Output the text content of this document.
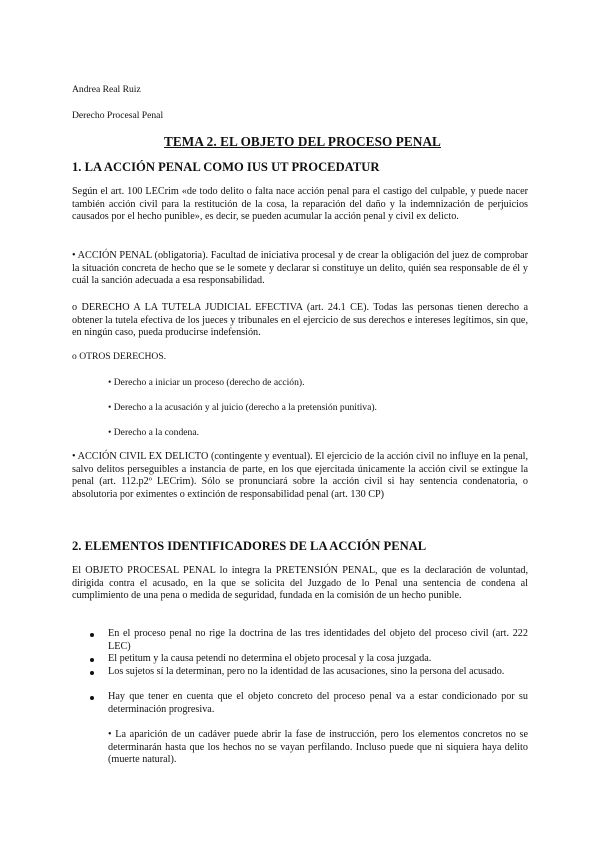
Andrea Real Ruiz

Derecho Procesal Penal

TEMA 2. EL OBJETO DEL PROCESO PENAL

1. LA ACCIÓN PENAL COMO IUS UT PROCEDATUR

Según el art. 100 LECrim «de todo delito o falta nace acción penal para el castigo del culpable, y puede nacer también acción civil para la restitución de la cosa, la reparación del daño y la indemnización de perjuicios causados por el hecho punible», es decir, se pueden acumular la acción penal y civil ex delicto.

• ACCIÓN PENAL (obligatoria). Facultad de iniciativa procesal y de crear la obligación del juez de comprobar la situación concreta de hecho que se le somete y declarar si constituye un delito, quién sea responsable de él y cuál la sanción adecuada a esa responsabilidad.

o DERECHO A LA TUTELA JUDICIAL EFECTIVA (art. 24.1 CE). Todas las personas tienen derecho a obtener la tutela efectiva de los jueces y tribunales en el ejercicio de sus derechos e intereses legítimos, sin que, en ningún caso, pueda producirse indefensión.

o OTROS DERECHOS.

• Derecho a iniciar un proceso (derecho de acción).

• Derecho a la acusación y al juicio (derecho a la pretensión punitiva).

• Derecho a la condena.

• ACCIÓN CIVIL EX DELICTO (contingente y eventual). El ejercicio de la acción civil no influye en la penal, salvo delitos perseguibles a instancia de parte, en los que ejercitada únicamente la acción civil se extingue la penal (art. 112.p2º LECrim). Sólo se pronunciará sobre la acción civil si hay sentencia condenatoria, o absolutoria por eximentes o extinción de responsabilidad penal (art. 130 CP)

2. ELEMENTOS IDENTIFICADORES DE LA ACCIÓN PENAL

El OBJETO PROCESAL PENAL lo integra la PRETENSIÓN PENAL, que es la declaración de voluntad, dirigida contra el acusado, en la que se solicita del Juzgado de lo Penal una sentencia de condena al cumplimiento de una pena o medida de seguridad, fundada en la comisión de un hecho punible.

En el proceso penal no rige la doctrina de las tres identidades del objeto del proceso civil (art. 222 LEC)

El petitum y la causa petendi no determina el objeto procesal y la cosa juzgada.

Los sujetos sí la determinan, pero no la identidad de las acusaciones, sino la persona del acusado.

Hay que tener en cuenta que el objeto concreto del proceso penal va a estar condicionado por su determinación progresiva.

• La aparición de un cadáver puede abrir la fase de instrucción, pero los elementos concretos no se determinarán hasta que los hechos no se vayan perfilando. Incluso puede que ni siquiera haya delito (muerte natural).
